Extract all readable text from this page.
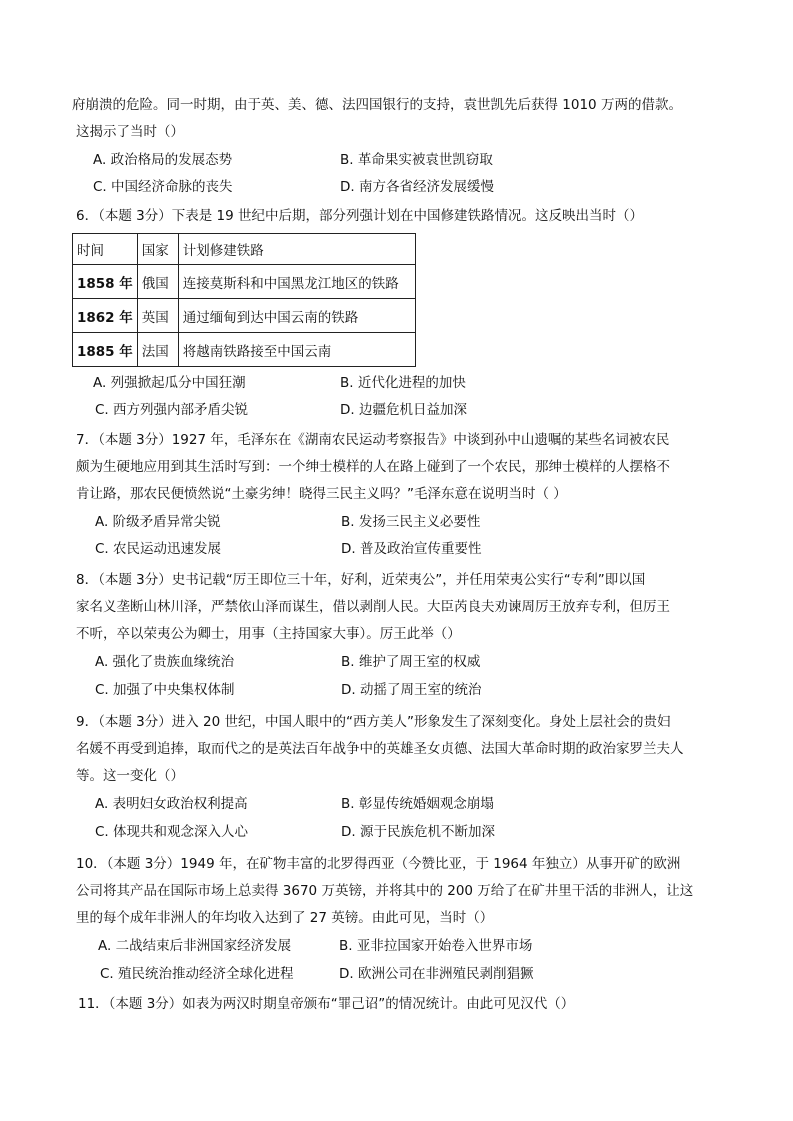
府崩溃的危险。同一时期，由于英、美、德、法四国银行的支持，袁世凯先后获得 1010 万两的借款。
这揭示了当时（）
A. 政治格局的发展态势	B. 革命果实被袁世凯窃取
C. 中国经济命脉的丧失	D. 南方各省经济发展缓慢
6．（本题 3分）下表是 19 世纪中后期，部分列强计划在中国修建铁路情况。这反映出当时（）
时间	国家	计划修建铁路
1858 年	俄国	连接莫斯科和中国黑龙江地区的铁路
1862 年	英国	通过缅甸到达中国云南的铁路
1885 年	法国	将越南铁路接至中国云南
A. 列强掀起瓜分中国狂潮	B. 近代化进程的加快
C. 西方列强内部矛盾尖锐	D. 边疆危机日益加深
7．（本题 3分）1927 年，毛泽东在《湖南农民运动考察报告》中谈到孙中山遗嘱的某些名词被农民
颇为生硬地应用到其生活时写到：一个绅士模样的人在路上碰到了一个农民，那绅士模样的人摆格不
肯让路，那农民便愤然说“土豪劣绅！晓得三民主义吗？”毛泽东意在说明当时（ ）
A. 阶级矛盾异常尖锐	B. 发扬三民主义必要性
C. 农民运动迅速发展	D. 普及政治宣传重要性
8．（本题 3分）史书记载“厉王即位三十年，好利，近荣夷公”，并任用荣夷公实行“专利”即以国
家名义垄断山林川泽，严禁依山泽而谋生，借以剥削人民。大臣芮良夫劝谏周厉王放弃专利，但厉王
不听，卒以荣夷公为卿士，用事（主持国家大事）。厉王此举（）
A. 强化了贵族血缘统治	B. 维护了周王室的权威
C. 加强了中央集权体制	D. 动摇了周王室的统治
9．（本题 3分）进入 20 世纪，中国人眼中的“西方美人”形象发生了深刻变化。身处上层社会的贵妇
名媛不再受到追捧，取而代之的是英法百年战争中的英雄圣女贞德、法国大革命时期的政治家罗兰夫人
等。这一变化（）
A. 表明妇女政治权利提高	B. 彰显传统婚姻观念崩塌
C. 体现共和观念深入人心	D. 源于民族危机不断加深
10．（本题 3分）1949 年，在矿物丰富的北罗得西亚（今赞比亚，于 1964 年独立）从事开矿的欧洲
公司将其产品在国际市场上总卖得 3670 万英镑，并将其中的 200 万给了在矿井里干活的非洲人，让这
里的每个成年非洲人的年均收入达到了 27 英镑。由此可见，当时（）
A. 二战结束后非洲国家经济发展	B. 亚非拉国家开始卷入世界市场
C. 殖民统治推动经济全球化进程	D. 欧洲公司在非洲殖民剥削猖獗
11．（本题 3分）如表为两汉时期皇帝颁布“罪己诏”的情况统计。由此可见汉代（）
